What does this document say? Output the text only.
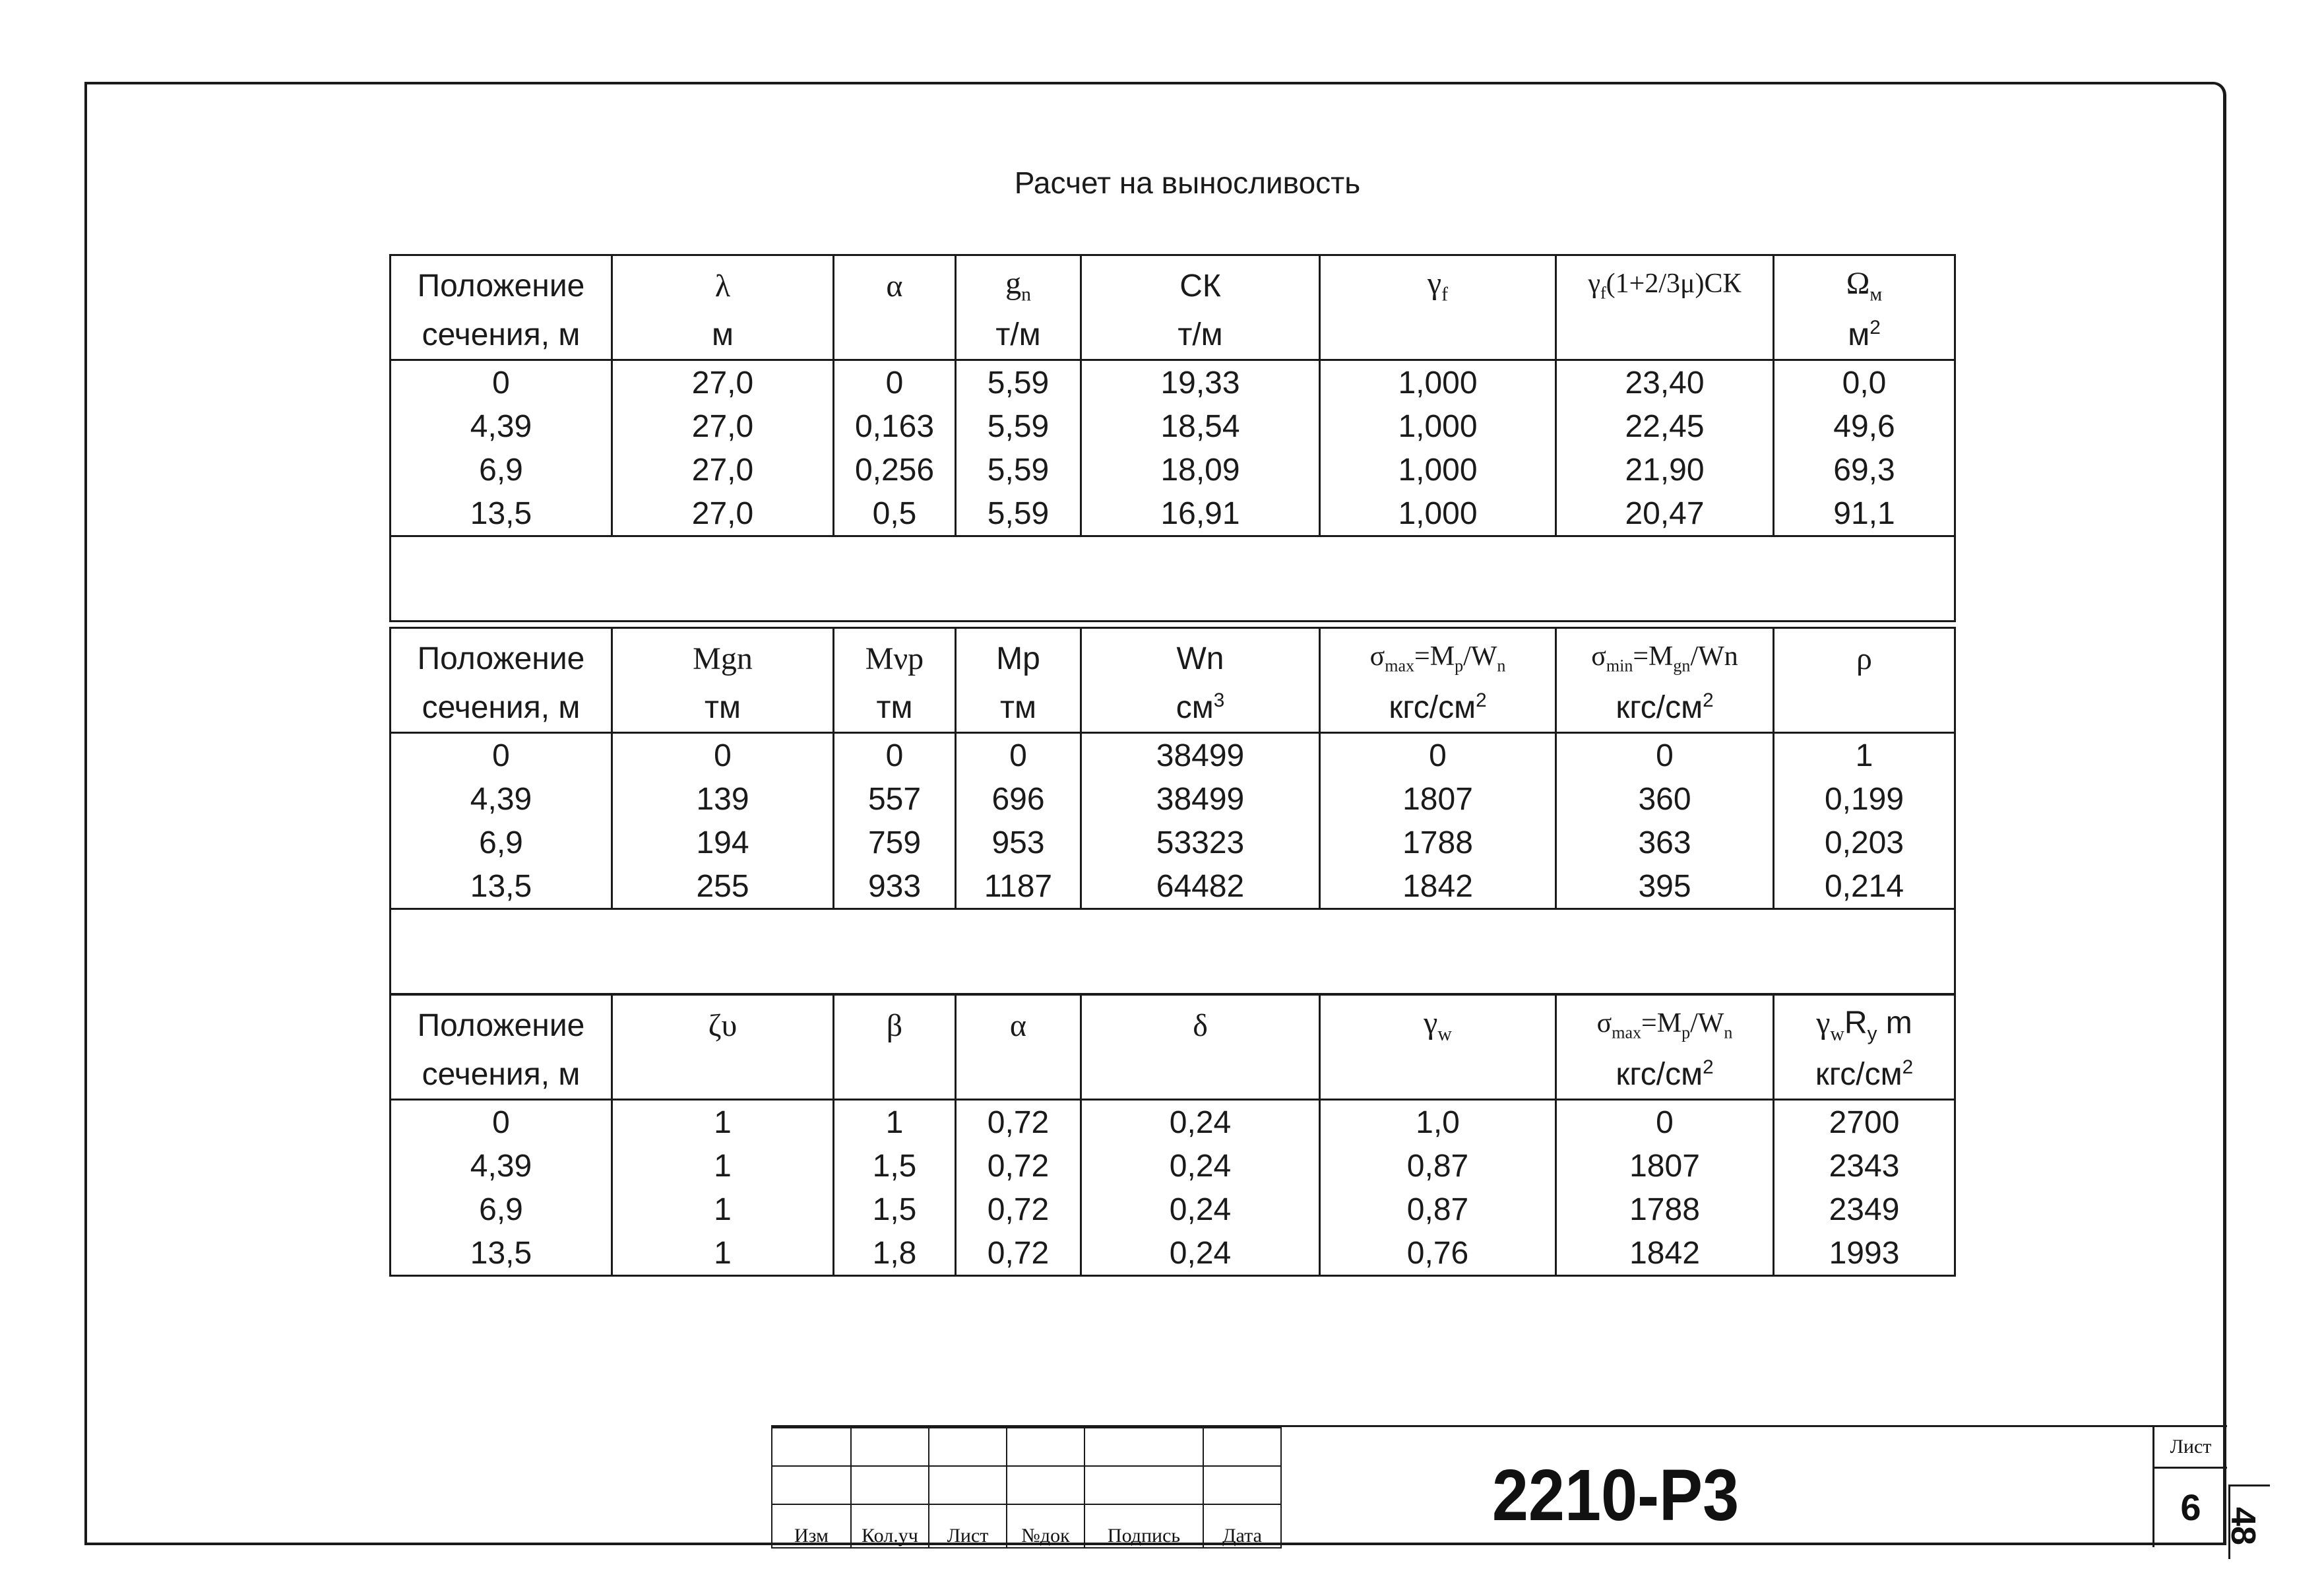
Расчет на выносливость
Положение	λ	α	$g_n$	СК	$\gamma_f$	$\gamma_f(1+2/3\mu)СК$	$\Omega_м$
сечения, м	м		т/м	т/м			$м^2$
0	27,0	0	5,59	19,33	1,000	23,40	0,0
4,39	27,0	0,163	5,59	18,54	1,000	22,45	49,6
6,9	27,0	0,256	5,59	18,09	1,000	21,90	69,3
13,5	27,0	0,5	5,59	16,91	1,000	20,47	91,1

Положение	Mgn	Mνp	Mp	Wn	$\sigma_{max}=M_p/W_n$	$\sigma_{min}=M_{gn}/Wn$	ρ
сечения, м	тм	тм	тм	$см^3$	кгс/$см^2$	кгс/$см^2$	
0	0	0	0	38499	0	0	1
4,39	139	557	696	38499	1807	360	0,199
6,9	194	759	953	53323	1788	363	0,203
13,5	255	933	1187	64482	1842	395	0,214

Положение	ζυ	β	α	δ	$\gamma_w$	$\sigma_{max}=M_p/W_n$	$\gamma_wR_y$ m
сечения, м						кгс/$см^2$	кгс/$см^2$
0	1	1	0,72	0,24	1,0	0	2700
4,39	1	1,5	0,72	0,24	0,87	1807	2343
6,9	1	1,5	0,72	0,24	0,87	1788	2349
13,5	1	1,8	0,72	0,24	0,76	1842	1993

Изм	Кол.уч	Лист	№док	Подпись	Дата	2210-Р3
Лист
6 48
